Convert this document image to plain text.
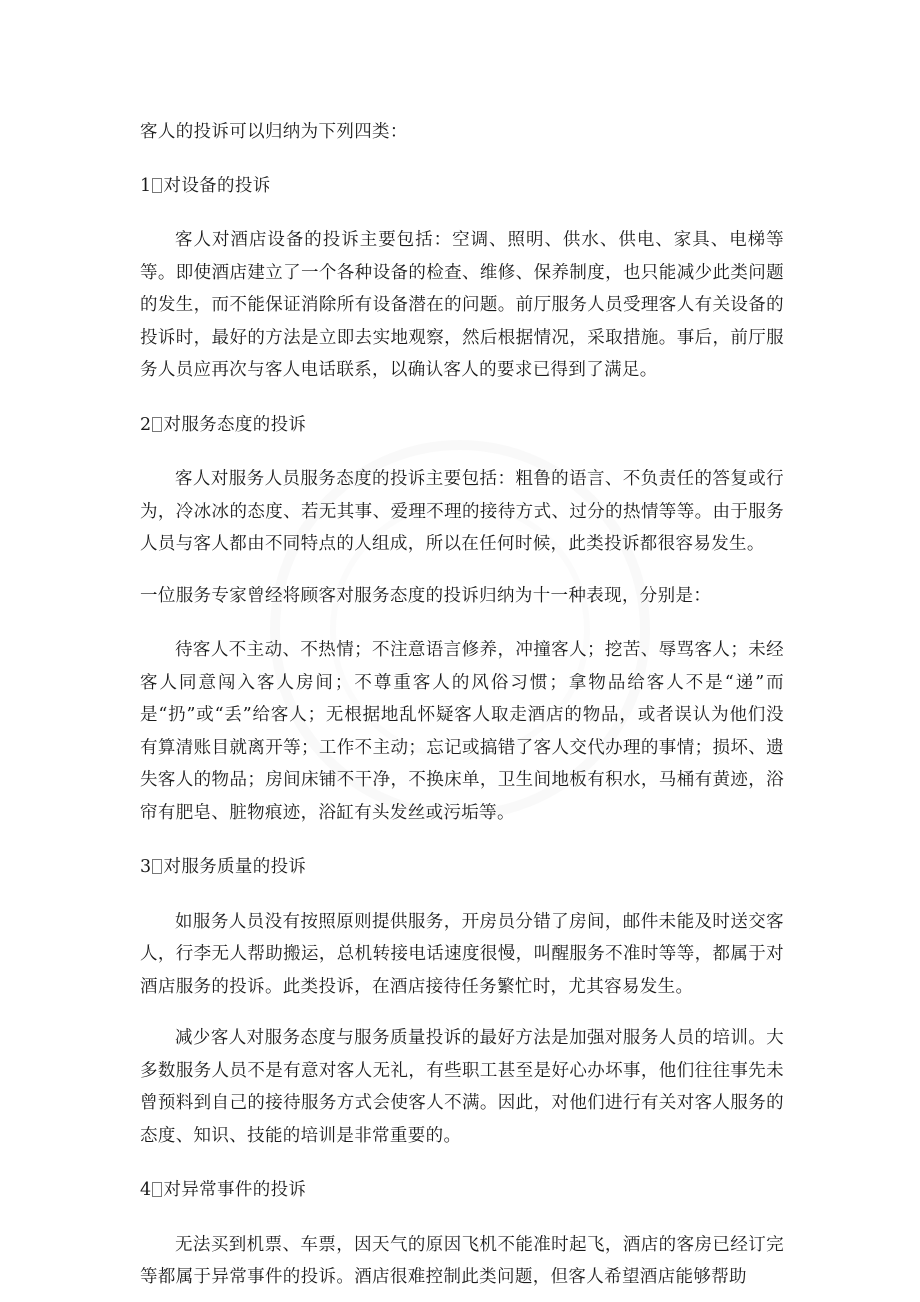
客人的投诉可以归纳为下列四类：

1 对设备的投诉

客人对酒店设备的投诉主要包括：空调、照明、供水、供电、家具、电梯等等。即使酒店建立了一个各种设备的检查、维修、保养制度，也只能减少此类问题的发生，而不能保证消除所有设备潜在的问题。前厅服务人员受理客人有关设备的投诉时，最好的方法是立即去实地观察，然后根据情况，采取措施。事后，前厅服务人员应再次与客人电话联系，以确认客人的要求已得到了满足。

2 对服务态度的投诉

客人对服务人员服务态度的投诉主要包括：粗鲁的语言、不负责任的答复或行为，冷冰冰的态度、若无其事、爱理不理的接待方式、过分的热情等等。由于服务人员与客人都由不同特点的人组成，所以在任何时候，此类投诉都很容易发生。

一位服务专家曾经将顾客对服务态度的投诉归纳为十一种表现，分别是：

待客人不主动、不热情；不注意语言修养，冲撞客人；挖苦、辱骂客人；未经客人同意闯入客人房间；不尊重客人的风俗习惯；拿物品给客人不是“递”而是“扔”或“丢”给客人；无根据地乱怀疑客人取走酒店的物品，或者误认为他们没有算清账目就离开等；工作不主动；忘记或搞错了客人交代办理的事情；损坏、遗失客人的物品；房间床铺不干净，不换床单，卫生间地板有积水，马桶有黄迹，浴帘有肥皂、脏物痕迹，浴缸有头发丝或污垢等。

3 对服务质量的投诉

如服务人员没有按照原则提供服务，开房员分错了房间，邮件未能及时送交客人，行李无人帮助搬运，总机转接电话速度很慢，叫醒服务不准时等等，都属于对酒店服务的投诉。此类投诉，在酒店接待任务繁忙时，尤其容易发生。

减少客人对服务态度与服务质量投诉的最好方法是加强对服务人员的培训。大多数服务人员不是有意对客人无礼，有些职工甚至是好心办坏事，他们往往事先未曾预料到自己的接待服务方式会使客人不满。因此，对他们进行有关对客人服务的态度、知识、技能的培训是非常重要的。

4 对异常事件的投诉

无法买到机票、车票，因天气的原因飞机不能准时起飞，酒店的客房已经订完等都属于异常事件的投诉。酒店很难控制此类问题，但客人希望酒店能够帮助
